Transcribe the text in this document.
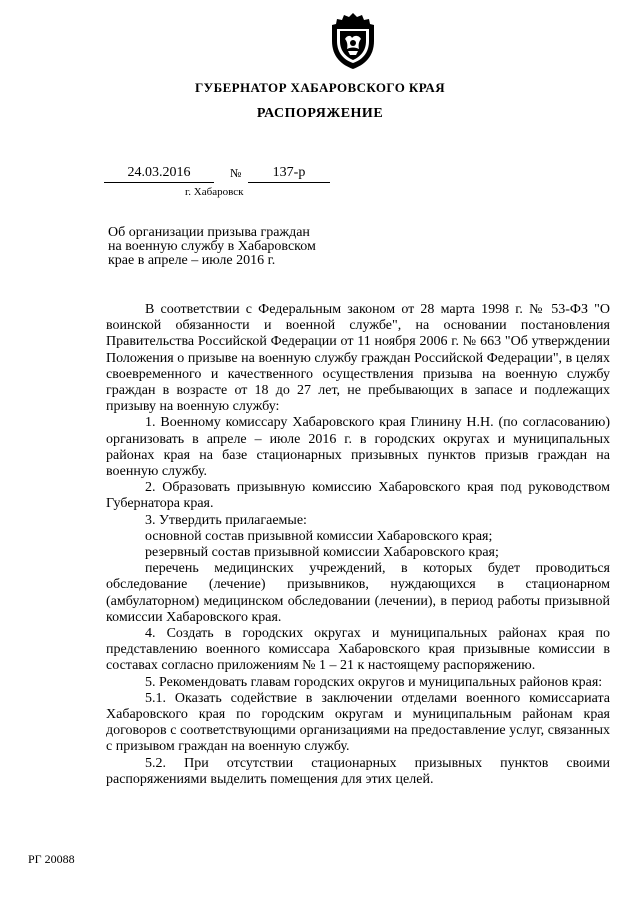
ГУБЕРНАТОР ХАБАРОВСКОГО КРАЯ
РАСПОРЯЖЕНИЕ
24.03.2016	№	137-р
г. Хабаровск
Об организации призыва граждан
на военную службу в Хабаровском
крае в апреле – июле 2016 г.

В соответствии с Федеральным законом от 28 марта 1998 г. № 53-ФЗ "О воинской обязанности и военной службе", на основании постановления Правительства Российской Федерации от 11 ноября 2006 г. № 663 "Об утверждении Положения о призыве на военную службу граждан Российской Федерации", в целях своевременного и качественного осуществления призыва на военную службу граждан в возрасте от 18 до 27 лет, не пребывающих в запасе и подлежащих призыву на военную службу:

1. Военному комиссару Хабаровского края Глинину Н.Н. (по согласованию) организовать в апреле – июле 2016 г. в городских округах и муниципальных районах края на базе стационарных призывных пунктов призыв граждан на военную службу.

2. Образовать призывную комиссию Хабаровского края под руководством Губернатора края.

3. Утвердить прилагаемые:

основной состав призывной комиссии Хабаровского края;

резервный состав призывной комиссии Хабаровского края;

перечень медицинских учреждений, в которых будет проводиться обследование (лечение) призывников, нуждающихся в стационарном (амбулаторном) медицинском обследовании (лечении), в период работы призывной комиссии Хабаровского края.

4. Создать в городских округах и муниципальных районах края по представлению военного комиссара Хабаровского края призывные комиссии в составах согласно приложениям № 1 – 21 к настоящему распоряжению.

5. Рекомендовать главам городских округов и муниципальных районов края:

5.1. Оказать содействие в заключении отделами военного комиссариата Хабаровского края по городским округам и муниципальным районам края договоров с соответствующими организациями на предоставление услуг, связанных с призывом граждан на военную службу.

5.2. При отсутствии стационарных призывных пунктов своими распоряжениями выделить помещения для этих целей.

РГ 20088
